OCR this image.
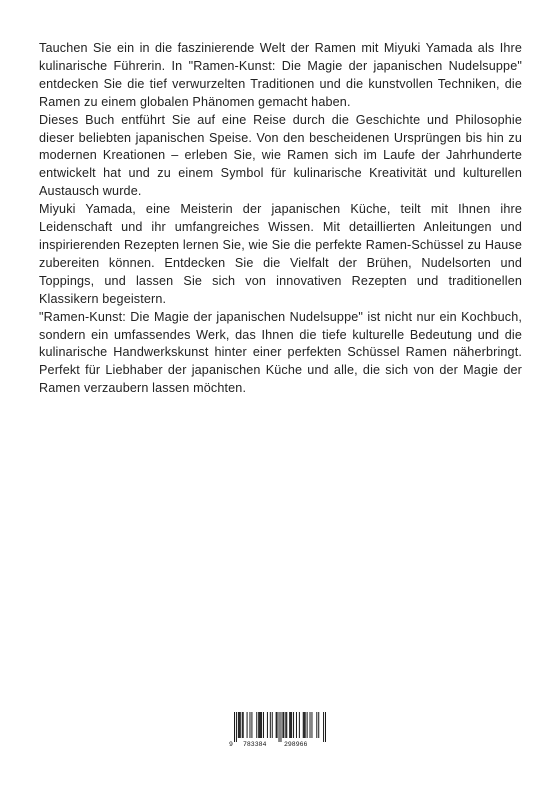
Tauchen Sie ein in die faszinierende Welt der Ramen mit Miyuki Yamada als Ihre kulinarische Führerin. In "Ramen-Kunst: Die Magie der japanischen Nudelsuppe" entdecken Sie die tief verwurzelten Traditionen und die kunstvollen Techniken, die Ramen zu einem globalen Phänomen gemacht haben.

Dieses Buch entführt Sie auf eine Reise durch die Geschichte und Philosophie dieser beliebten japanischen Speise. Von den bescheidenen Ursprüngen bis hin zu modernen Kreationen – erleben Sie, wie Ramen sich im Laufe der Jahrhunderte entwickelt hat und zu einem Symbol für kulinarische Kreativität und kulturellen Austausch wurde.

Miyuki Yamada, eine Meisterin der japanischen Küche, teilt mit Ihnen ihre Leidenschaft und ihr umfangreiches Wissen. Mit detaillierten Anleitungen und inspirierenden Rezepten lernen Sie, wie Sie die perfekte Ramen-Schüssel zu Hause zubereiten können. Entdecken Sie die Vielfalt der Brühen, Nudelsorten und Toppings, und lassen Sie sich von innovativen Rezepten und traditionellen Klassikern begeistern.

"Ramen-Kunst: Die Magie der japanischen Nudelsuppe" ist nicht nur ein Kochbuch, sondern ein umfassendes Werk, das Ihnen die tiefe kulturelle Bedeutung und die kulinarische Handwerkskunst hinter einer perfekten Schüssel Ramen näherbringt. Perfekt für Liebhaber der japanischen Küche und alle, die sich von der Magie der Ramen verzaubern lassen möchten.

9 783384	298966
